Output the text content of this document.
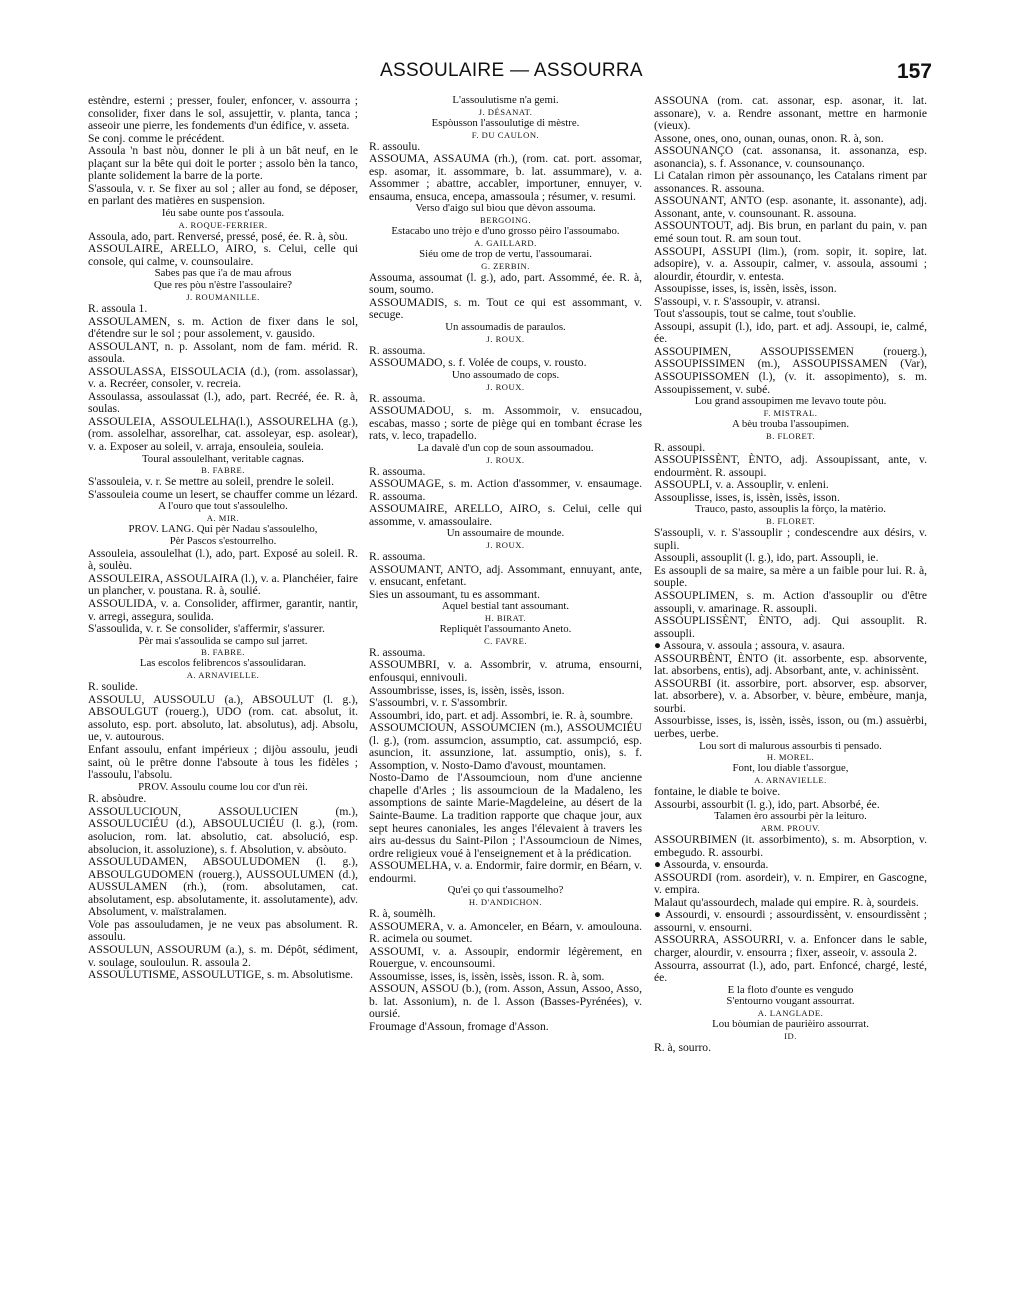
ASSOULAIRE — ASSOURRA	157

estèndre, esterni ; presser, fouler, enfoncer, v. assourra ; consolider, fixer dans le sol, assujettir, v. planta, tanca ; asseoir une pierre, les fondements d'un édifice, v. asseta.

Se conj. comme le précédent.

Assoula 'n bast nòu, donner le pli à un bât neuf, en le plaçant sur la bête qui doit le porter ; assolo bèn la tanco, plante solidement la barre de la porte.

S'assoula, v. r. Se fixer au sol ; aller au fond, se déposer, en parlant des matières en suspension.

Iéu sabe ounte pos t'assoula.

A. ROQUE-FERRIER.

Assoula, ado, part. Renversé, pressé, posé, ée. R. à, sòu.

ASSOULAIRE, ARELLO, AIRO, s. Celui, celle qui console, qui calme, v. counsoulaire.

Sabes pas que i'a de mau afrous
Que res pòu n'èstre l'assoulaire?

J. ROUMANILLE.

R. assoula 1.

ASSOULAMEN, s. m. Action de fixer dans le sol, d'étendre sur le sol ; pour assolement, v. gausido.

ASSOULANT, n. p. Assolant, nom de fam. mérid. R. assoula.

ASSOULASSA, EISSOULACIA (d.), (rom. assolassar), v. a. Recréer, consoler, v. recreia.

Assoulassa, assoulassat (l.), ado, part. Recréé, ée. R. à, soulas.

ASSOULEIA, ASSOULELHA(l.), ASSOURELHA (g.), (rom. assolelhar, assorelhar, cat. assoleyar, esp. asolear), v. a. Exposer au soleil, v. arraja, ensouleia, souleia.

Toural assoulelhant, veritable cagnas.

B. FABRE.

S'assouleia, v. r. Se mettre au soleil, prendre le soleil.

S'assouleia coume un lesert, se chauffer comme un lézard.

A l'ouro que tout s'assoulelho.

A. MIR.

PROV. LANG. Qui pèr Nadau s'assoulelho,
Pèr Pascos s'estourrelho.

Assouleia, assoulelhat (l.), ado, part. Exposé au soleil. R. à, soulèu.

ASSOULEIRA, ASSOULAIRA (l.), v. a. Planchéier, faire un plancher, v. poustana. R. à, soulié.

ASSOULIDA, v. a. Consolider, affirmer, garantir, nantir, v. arregi, assegura, soulida.

S'assoulida, v. r. Se consolider, s'affermir, s'assurer.

Pèr mai s'assoulida se campo sul jarret.

B. FABRE.

Las escolos felibrencos s'assoulidaran.

A. ARNAVIELLE.

R. soulide.

ASSOULU, AUSSOULU (a.), ABSOULUT (l. g.), ABSOULGUT (rouerg.), UDO (rom. cat. absolut, it. assoluto, esp. port. absoluto, lat. absolutus), adj. Absolu, ue, v. autourous.

Enfant assoulu, enfant impérieux ; dijòu assoulu, jeudi saint, où le prêtre donne l'absoute à tous les fidèles ; l'assoulu, l'absolu.

PROV. Assoulu coume lou cor d'un rèi.

R. absòudre.

ASSOULUCIOUN, ASSOULUCIEN (m.), ASSOULUCIÉU (d.), ABSOULUCIÉU (l. g.), (rom. asolucion, rom. lat. absolutio, cat. absolució, esp. absolucion, it. assoluzione), s. f. Absolution, v. absòuto.

ASSOULUDAMEN, ABSOULUDOMEN (l. g.), ABSOULGUDOMEN (rouerg.), AUSSOULUMEN (d.), AUSSULAMEN (rh.), (rom. absolutamen, cat. absolutament, esp. absolutamente, it. assolutamente), adv. Absolument, v. maïstralamen.

Vole pas assouludamen, je ne veux pas absolument. R. assoulu.

ASSOULUN, ASSOURUM (a.), s. m. Dépôt, sédiment, v. soulage, souloulun. R. assoula 2.

ASSOULUTISME, ASSOULUTIGE, s. m. Absolutisme.

L'assoulutisme n'a gemi.

J. DÉSANAT.

Espòusson l'assoulutige di mèstre.

F. DU CAULON.

R. assoulu.

ASSOUMA, ASSAUMA (rh.), (rom. cat. port. assomar, esp. asomar, it. assommare, b. lat. assummare), v. a. Assommer ; abattre, accabler, importuner, ennuyer, v. ensauma, ensuca, encepa, amassoula ; résumer, v. resumi.

Verso d'aigo sul bìou que dèvon assouma.

BERGOING.

Estacabo uno trèjo e d'uno grosso pèiro l'assoumabo.

A. GAILLARD.

Siéu ome de trop de vertu, l'assoumarai.

G. ZERBIN.

Assouma, assoumat (l. g.), ado, part. Assommé, ée. R. à, soum, soumo.

ASSOUMADIS, s. m. Tout ce qui est assommant, v. secuge.

Un assoumadis de paraulos.

J. ROUX.

R. assouma.

ASSOUMADO, s. f. Volée de coups, v. rousto.

Uno assoumado de cops.

J. ROUX.

R. assouma.

ASSOUMADOU, s. m. Assommoir, v. ensucadou, escabas, masso ; sorte de piège qui en tombant écrase les rats, v. leco, trapadello.

La davalè d'un cop de soun assoumadou.

J. ROUX.

R. assouma.

ASSOUMAGE, s. m. Action d'assommer, v. ensaumage. R. assouma.

ASSOUMAIRE, ARELLO, AIRO, s. Celui, celle qui assomme, v. amassoulaire.

Un assoumaire de mounde.

J. ROUX.

R. assouma.

ASSOUMANT, ANTO, adj. Assommant, ennuyant, ante, v. ensucant, enfetant.

Sies un assoumant, tu es assommant.

Aquel bestial tant assoumant.

H. BIRAT.

Repliquèt l'assoumanto Aneto.

C. FAVRE.

R. assouma.

ASSOUMBRI, v. a. Assombrir, v. atruma, ensourni, enfousqui, ennivouli.

Assoumbrisse, isses, is, issèn, issès, isson.

S'assoumbri, v. r. S'assombrir.

Assoumbri, ido, part. et adj. Assombri, ie. R. à, soumbre.

ASSOUMCIOUN, ASSOUMCIEN (m.), ASSOUMCIÉU (l. g.), (rom. assumcion, assumptio, cat. assumpció, esp. asuncion, it. assunzione, lat. assumptio, onis), s. f. Assomption, v. Nosto-Damo d'avoust, mountamen.

Nosto-Damo de l'Assoumcioun, nom d'une ancienne chapelle d'Arles ; lis assoumcioun de la Madaleno, les assomptions de sainte Marie-Magdeleine, au désert de la Sainte-Baume. La tradition rapporte que chaque jour, aux sept heures canoniales, les anges l'élevaient à travers les airs au-dessus du Saint-Pilon ; l'Assoumcioun de Nimes, ordre religieux voué à l'enseignement et à la prédication.

ASSOUMELHA, v. a. Endormir, faire dormir, en Béarn, v. endourmi.

Qu'ei ço qui t'assoumelho?

H. D'ANDICHON.

R. à, soumèlh.

ASSOUMERA, v. a. Amonceler, en Béarn, v. amoulouna. R. acimela ou soumet.

ASSOUMI, v. a. Assoupir, endormir légèrement, en Rouergue, v. encounsoumi.

Assoumisse, isses, is, issèn, issès, isson. R. à, som.

ASSOUN, ASSOU (b.), (rom. Asson, Assun, Assoo, Asso, b. lat. Assonium), n. de l. Asson (Basses-Pyrénées), v. oursié.

Froumage d'Assoun, fromage d'Asson.

ASSOUNA (rom. cat. assonar, esp. asonar, it. lat. assonare), v. a. Rendre assonant, mettre en harmonie (vieux).

Assone, ones, ono, ounan, ounas, onon. R. à, son.

ASSOUNANÇO (cat. assonansa, it. assonanza, esp. asonancia), s. f. Assonance, v. counsounanço.

Li Catalan rimon pèr assounanço, les Catalans riment par assonances. R. assouna.

ASSOUNANT, ANTO (esp. asonante, it. assonante), adj. Assonant, ante, v. counsounant. R. assouna.

ASSOUNTOUT, adj. Bis brun, en parlant du pain, v. pan emé soun tout. R. am soun tout.

ASSOUPI, ASSUPI (lim.), (rom. sopir, it. sopire, lat. adsopire), v. a. Assoupir, calmer, v. assoula, assoumi ; alourdir, étourdir, v. entesta.

Assoupisse, isses, is, issèn, issès, isson.

S'assoupi, v. r. S'assoupir, v. atransi.

Tout s'assoupis, tout se calme, tout s'oublie.

Assoupi, assupit (l.), ido, part. et adj. Assoupi, ie, calmé, ée.

ASSOUPIMEN, ASSOUPISSEMEN (rouerg.), ASSOUPISSIMEN (m.), ASSOUPISSAMEN (Var), ASSOUPISSOMEN (l.), (v. it. assopimento), s. m. Assoupissement, v. subé.

Lou grand assoupimen me levavo toute pòu.

F. MISTRAL.

A bèu trouba l'assoupimen.

B. FLORET.

R. assoupi.

ASSOUPISSÈNT, ÈNTO, adj. Assoupissant, ante, v. endourmènt. R. assoupi.

ASSOUPLI, v. a. Assouplir, v. enleni.

Assouplisse, isses, is, issèn, issès, isson.

Trauco, pasto, assouplis la fòrço, la matèrio.

B. FLORET.

S'assoupli, v. r. S'assouplir ; condescendre aux désirs, v. supli.

Assoupli, assouplit (l. g.), ido, part. Assoupli, ie.

Es assoupli de sa maire, sa mère a un faible pour lui. R. à, souple.

ASSOUPLIMEN, s. m. Action d'assouplir ou d'être assoupli, v. amarinage. R. assoupli.

ASSOUPLISSÈNT, ÈNTO, adj. Qui assouplit. R. assoupli.

● Assoura, v. assoula ; assoura, v. asaura.

ASSOURBÈNT, ÈNTO (it. assorbente, esp. absorvente, lat. absorbens, entis), adj. Absorbant, ante, v. achinissènt.

ASSOURBI (it. assorbire, port. absorver, esp. absorver, lat. absorbere), v. a. Absorber, v. bèure, embèure, manja, sourbi.

Assourbisse, isses, is, issèn, issès, isson, ou (m.) assuèrbi, uerbes, uerbe.

Lou sort di malurous assourbis ti pensado.

H. MOREL.

Font, lou diable t'assorgue,

A. ARNAVIELLE.

fontaine, le diable te boive.

Assourbi, assourbit (l. g.), ido, part. Absorbé, ée.

Talamen èro assourbi pèr la leituro.

ARM. PROUV.

ASSOURBIMEN (it. assorbimento), s. m. Absorption, v. embegudo. R. assourbi.

● Assourda, v. ensourda.

ASSOURDI (rom. asordeir), v. n. Empirer, en Gascogne, v. empira.

Malaut qu'assourdech, malade qui empire. R. à, sourdeis.

● Assourdi, v. ensourdi ; assourdissènt, v. ensourdissènt ; assourni, v. ensourni.

ASSOURRA, ASSOURRI, v. a. Enfoncer dans le sable, charger, alourdir, v. ensourra ; fixer, asseoir, v. assoula 2.

Assourra, assourrat (l.), ado, part. Enfoncé, chargé, lesté, ée.

E la floto d'ounte es vengudo
S'entourno vougant assourrat.

A. LANGLADE.

Lou bòumian de paurièiro assourrat.

ID.

R. à, sourro.
